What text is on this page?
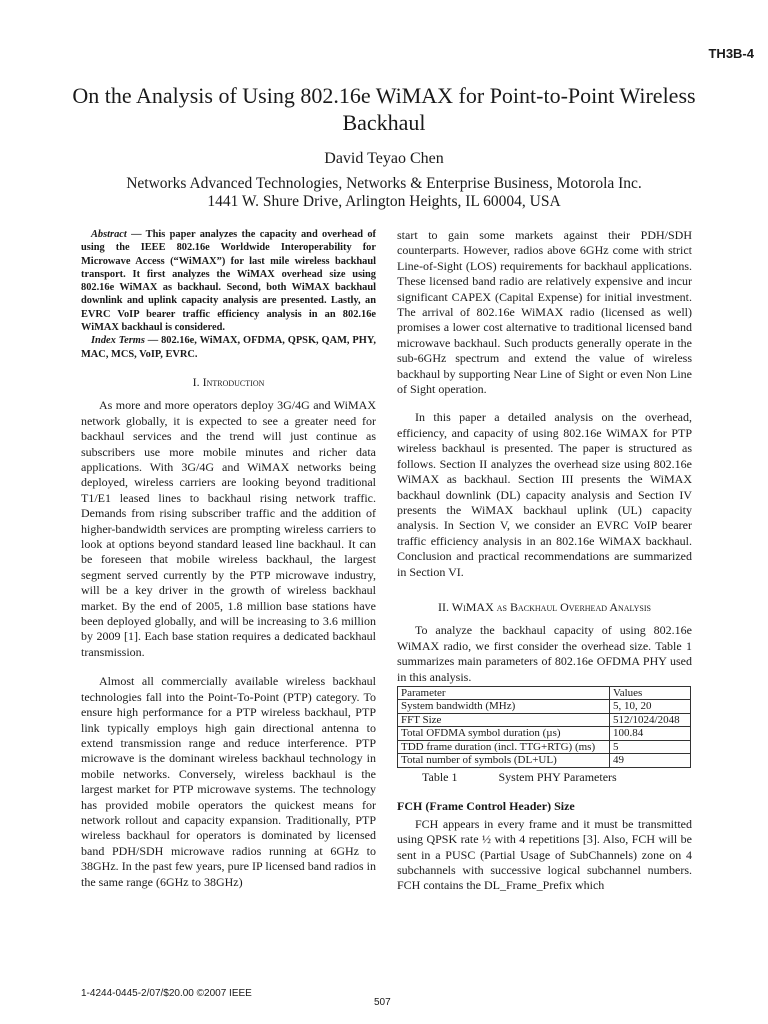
TH3B-4
On the Analysis of Using 802.16e WiMAX for Point-to-Point Wireless Backhaul
David Teyao Chen
Networks Advanced Technologies, Networks & Enterprise Business, Motorola Inc.
1441 W. Shure Drive, Arlington Heights, IL 60004, USA

Abstract — This paper analyzes the capacity and overhead of using the IEEE 802.16e Worldwide Interoperability for Microwave Access (“WiMAX”) for last mile wireless backhaul transport. It first analyzes the WiMAX overhead size using 802.16e WiMAX as backhaul. Second, both WiMAX backhaul downlink and uplink capacity analysis are presented. Lastly, an EVRC VoIP bearer traffic efficiency analysis in an 802.16e WiMAX backhaul is considered.

Index Terms — 802.16e, WiMAX, OFDMA, QPSK, QAM, PHY, MAC, MCS, VoIP, EVRC.

I. Introduction

As more and more operators deploy 3G/4G and WiMAX network globally, it is expected to see a greater need for backhaul services and the trend will just continue as subscribers use more mobile minutes and richer data applications. With 3G/4G and WiMAX networks being deployed, wireless carriers are looking beyond traditional T1/E1 leased lines to backhaul rising network traffic. Demands from rising subscriber traffic and the addition of higher-bandwidth services are prompting wireless carriers to look at options beyond standard leased line backhaul. It can be foreseen that mobile wireless backhaul, the largest segment served currently by the PTP microwave industry, will be a key driver in the growth of wireless backhaul market. By the end of 2005, 1.8 million base stations have been deployed globally, and will be increasing to 3.6 million by 2009 [1]. Each base station requires a dedicated backhaul transmission.

Almost all commercially available wireless backhaul technologies fall into the Point-To-Point (PTP) category. To ensure high performance for a PTP wireless backhaul, PTP link typically employs high gain directional antenna to extend transmission range and reduce interference. PTP microwave is the dominant wireless backhaul technology in mobile networks. Conversely, wireless backhaul is the largest market for PTP microwave systems. The technology has provided mobile operators the quickest means for network rollout and capacity expansion. Traditionally, PTP wireless backhaul for operators is dominated by licensed band PDH/SDH microwave radios running at 6GHz to 38GHz. In the past few years, pure IP licensed band radios in the same range (6GHz to 38GHz)

start to gain some markets against their PDH/SDH counterparts. However, radios above 6GHz come with strict Line-of-Sight (LOS) requirements for backhaul applications. These licensed band radio are relatively expensive and incur significant CAPEX (Capital Expense) for initial investment. The arrival of 802.16e WiMAX radio (licensed as well) promises a lower cost alternative to traditional licensed band microwave backhaul. Such products generally operate in the sub-6GHz spectrum and extend the value of wireless backhaul by supporting Near Line of Sight or even Non Line of Sight operation.

In this paper a detailed analysis on the overhead, efficiency, and capacity of using 802.16e WiMAX for PTP wireless backhaul is presented. The paper is structured as follows. Section II analyzes the overhead size using 802.16e WiMAX as backhaul. Section III presents the WiMAX backhaul downlink (DL) capacity analysis and Section IV presents the WiMAX backhaul uplink (UL) capacity analysis. In Section V, we consider an EVRC VoIP bearer traffic efficiency analysis in an 802.16e WiMAX backhaul. Conclusion and practical recommendations are summarized in Section VI.

II. WiMAX as Backhaul Overhead Analysis

To analyze the backhaul capacity of using 802.16e WiMAX radio, we first consider the overhead size. Table 1 summarizes main parameters of 802.16e OFDMA PHY used in this analysis.

Parameter	Values
System bandwidth (MHz)	5, 10, 20
FFT Size	512/1024/2048
Total OFDMA symbol duration (µs)	100.84
TDD frame duration (incl. TTG+RTG) (ms)	5
Total number of symbols (DL+UL)	49

Table 1	System PHY Parameters

FCH (Frame Control Header) Size

FCH appears in every frame and it must be transmitted using QPSK rate ½ with 4 repetitions [3]. Also, FCH will be sent in a PUSC (Partial Usage of SubChannels) zone on 4 subchannels with successive logical subchannel numbers. FCH contains the DL_Frame_Prefix which

1-4244-0445-2/07/$20.00 ©2007 IEEE
507
